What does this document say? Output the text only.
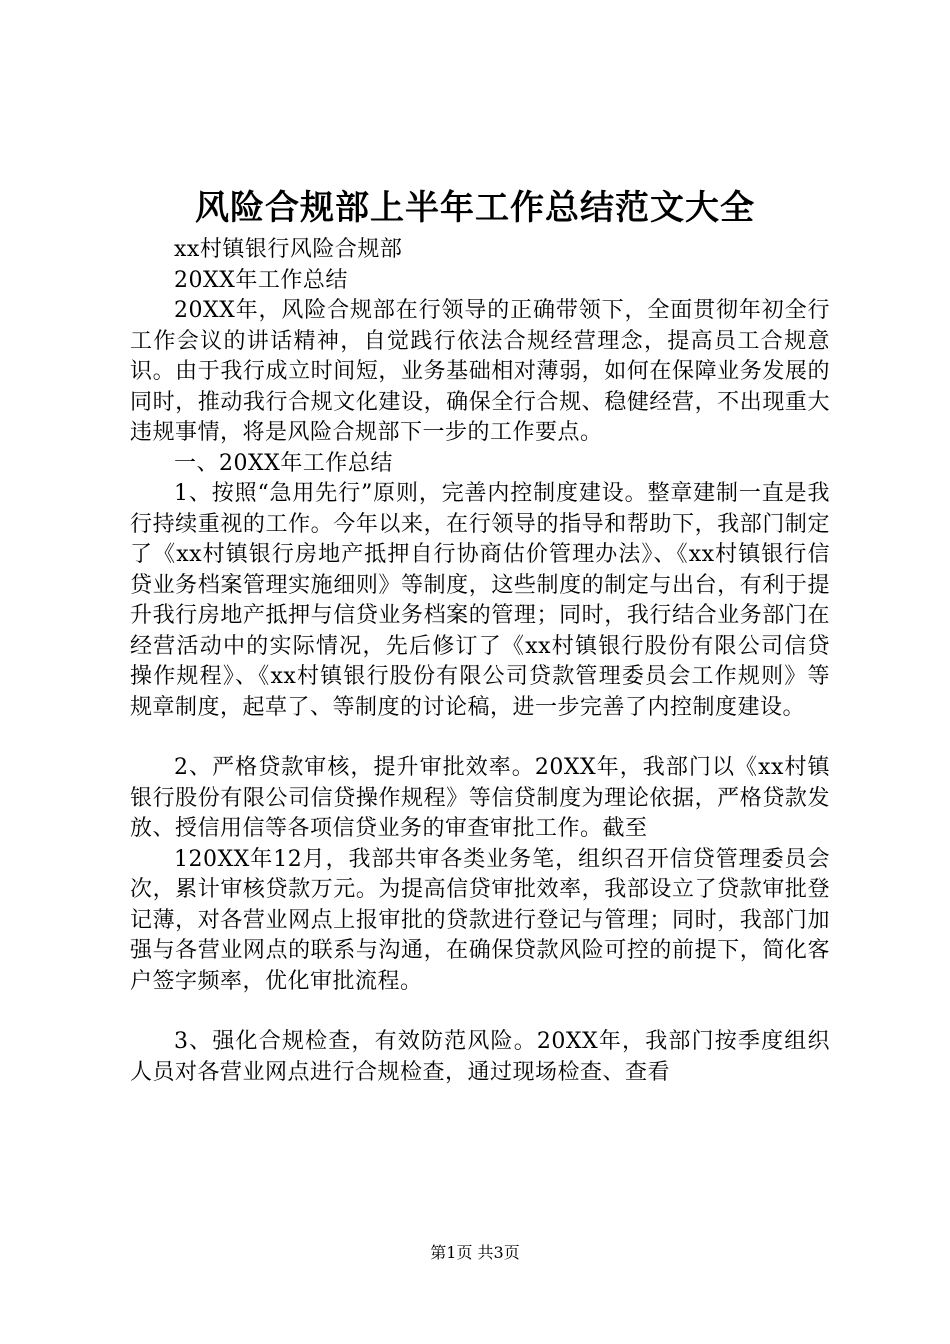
风险合规部上半年工作总结范文大全

xx村镇银行风险合规部

20XX年工作总结

20XX年，风险合规部在行领导的正确带领下，全面贯彻年初全行工作会议的讲话精神，自觉践行依法合规经营理念，提高员工合规意识。由于我行成立时间短，业务基础相对薄弱，如何在保障业务发展的同时，推动我行合规文化建设，确保全行合规、稳健经营，不出现重大违规事情，将是风险合规部下一步的工作要点。

一、20XX年工作总结

1、按照“急用先行”原则，完善内控制度建设。整章建制一直是我行持续重视的工作。今年以来，在行领导的指导和帮助下，我部门制定了《xx村镇银行房地产抵押自行协商估价管理办法》、《xx村镇银行信贷业务档案管理实施细则》等制度，这些制度的制定与出台，有利于提升我行房地产抵押与信贷业务档案的管理；同时，我行结合业务部门在经营活动中的实际情况，先后修订了《xx村镇银行股份有限公司信贷操作规程》、《xx村镇银行股份有限公司贷款管理委员会工作规则》等规章制度，起草了、等制度的讨论稿，进一步完善了内控制度建设。

2、严格贷款审核，提升审批效率。20XX年，我部门以《xx村镇银行股份有限公司信贷操作规程》等信贷制度为理论依据，严格贷款发放、授信用信等各项信贷业务的审查审批工作。截至

120XX年12月，我部共审各类业务笔，组织召开信贷管理委员会次，累计审核贷款万元。为提高信贷审批效率，我部设立了贷款审批登记薄，对各营业网点上报审批的贷款进行登记与管理；同时，我部门加强与各营业网点的联系与沟通，在确保贷款风险可控的前提下，简化客户签字频率，优化审批流程。

3、强化合规检查，有效防范风险。20XX年，我部门按季度组织人员对各营业网点进行合规检查，通过现场检查、查看

第1页 共3页
